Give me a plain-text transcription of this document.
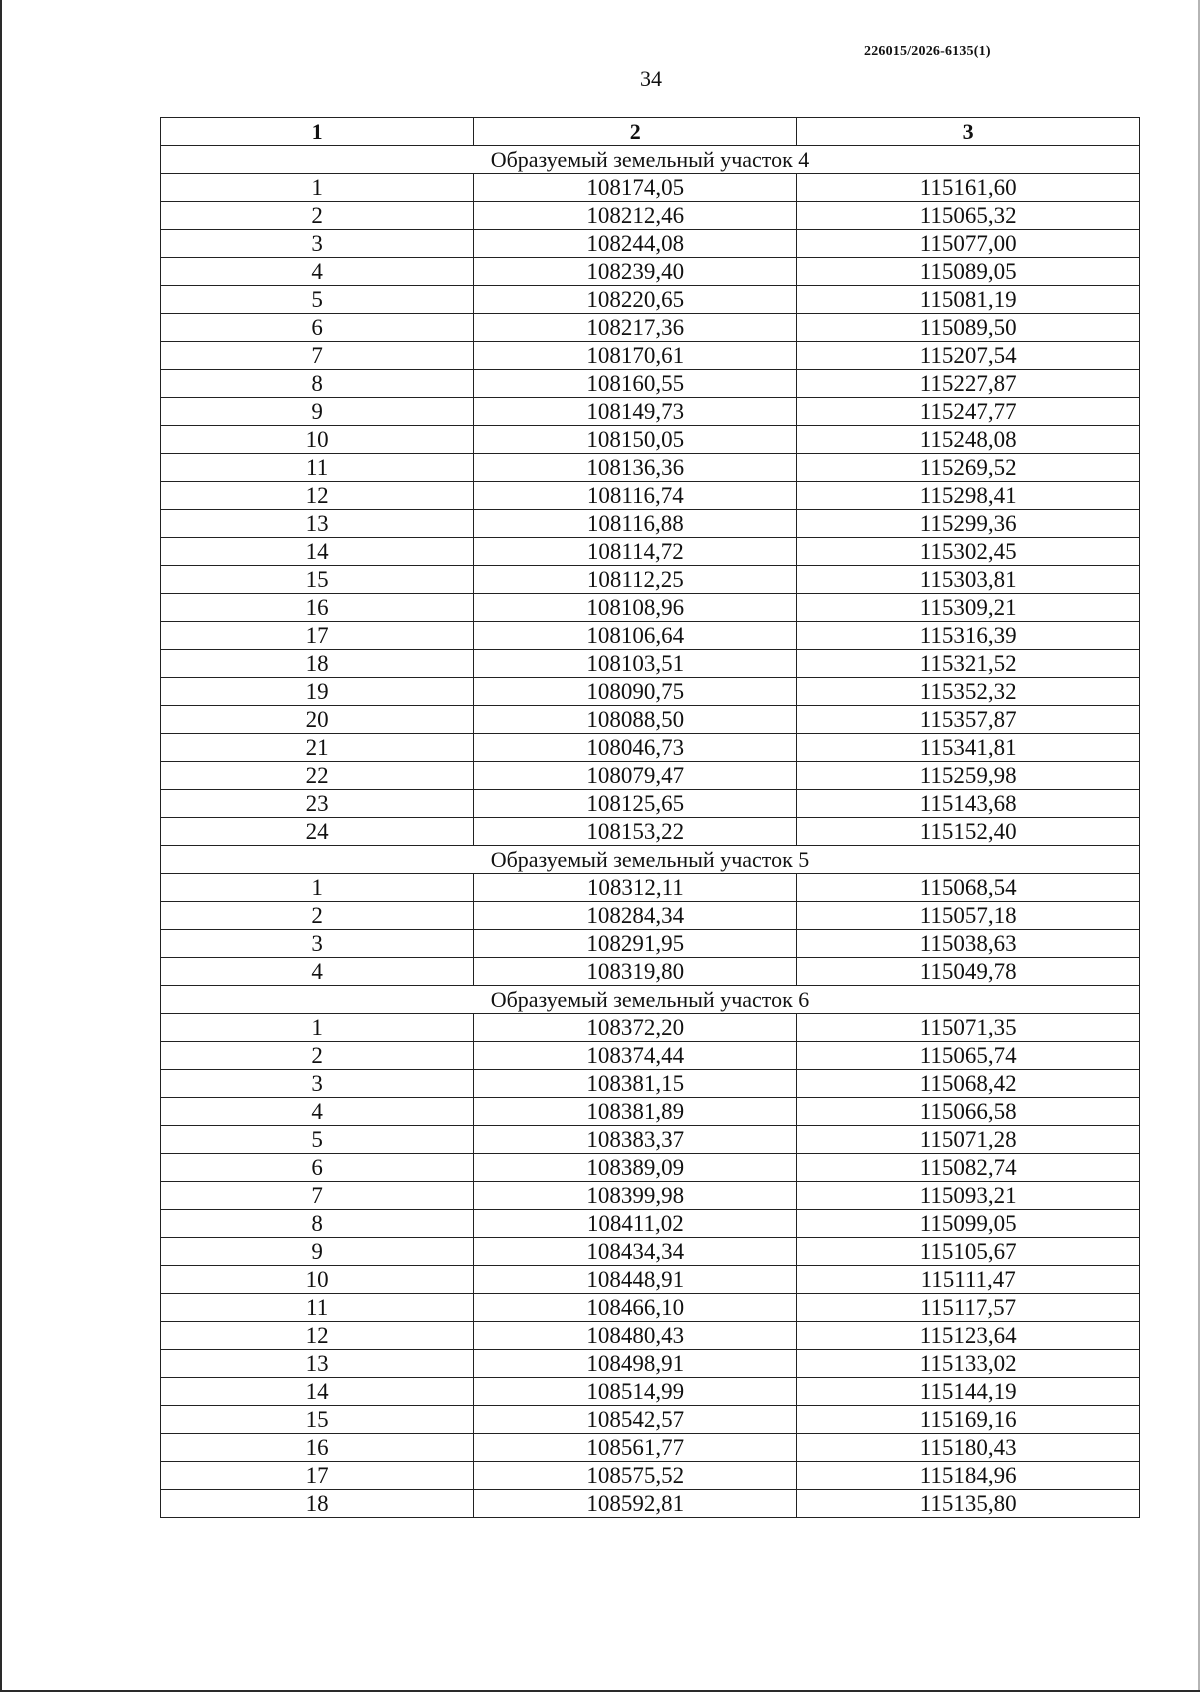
226015/2026-6135(1)
34
1	2	3
Образуемый земельный участок 4		
1	108174,05	115161,60
2	108212,46	115065,32
3	108244,08	115077,00
4	108239,40	115089,05
5	108220,65	115081,19
6	108217,36	115089,50
7	108170,61	115207,54
8	108160,55	115227,87
9	108149,73	115247,77
10	108150,05	115248,08
11	108136,36	115269,52
12	108116,74	115298,41
13	108116,88	115299,36
14	108114,72	115302,45
15	108112,25	115303,81
16	108108,96	115309,21
17	108106,64	115316,39
18	108103,51	115321,52
19	108090,75	115352,32
20	108088,50	115357,87
21	108046,73	115341,81
22	108079,47	115259,98
23	108125,65	115143,68
24	108153,22	115152,40
Образуемый земельный участок 5		
1	108312,11	115068,54
2	108284,34	115057,18
3	108291,95	115038,63
4	108319,80	115049,78
Образуемый земельный участок 6		
1	108372,20	115071,35
2	108374,44	115065,74
3	108381,15	115068,42
4	108381,89	115066,58
5	108383,37	115071,28
6	108389,09	115082,74
7	108399,98	115093,21
8	108411,02	115099,05
9	108434,34	115105,67
10	108448,91	115111,47
11	108466,10	115117,57
12	108480,43	115123,64
13	108498,91	115133,02
14	108514,99	115144,19
15	108542,57	115169,16
16	108561,77	115180,43
17	108575,52	115184,96
18	108592,81	115135,80
